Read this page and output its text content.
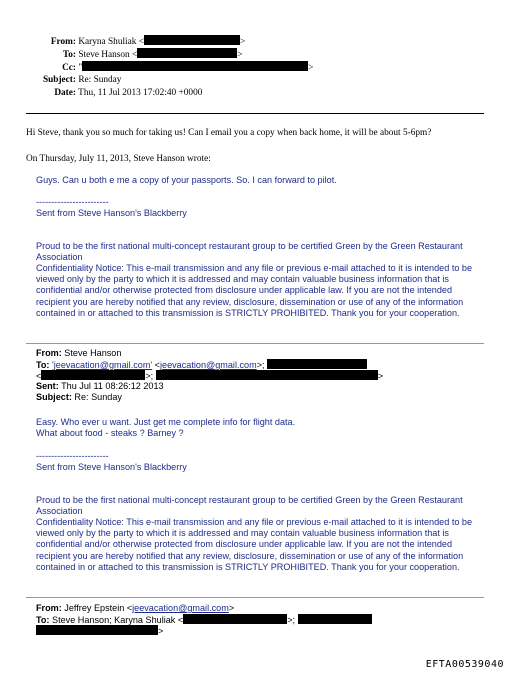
From: Karyna Shuliak <	>
To: Steve Hanson <	>
Cc: "	>
Subject: Re: Sunday
Date: Thu, 11 Jul 2013 17:02:40 +0000
Hi Steve, thank you so much for taking us! Can I email you a copy when back home, it will be about 5-6pm?
On Thursday, July 11, 2013, Steve Hanson wrote:
Guys. Can u both e me a copy of your passports. So. I can forward to pilot.
------------------------
Sent from Steve Hanson's Blackberry
Proud to be the first national multi-concept restaurant group to be certified Green by the Green Restaurant Association
Confidentiality Notice: This e-mail transmission and any file or previous e-mail attached to it is intended to be viewed only by the party to which it is addressed and may contain valuable business information that is confidential and/or otherwise protected from disclosure under applicable law. If you are not the intended recipient you are hereby notified that any review, disclosure, dissemination or use of any of the information contained in or attached to this transmission is STRICTLY PROHIBITED. Thank you for your cooperation.
From: Steve Hanson
To: 'jeevacation@gmail.com' <jeevacation@gmail.com>;
<	>;	>
Sent: Thu Jul 11 08:26:12 2013
Subject: Re: Sunday
Easy. Who ever u want. Just get me complete info for flight data.
What about food - steaks ? Barney ?
------------------------
Sent from Steve Hanson's Blackberry
Proud to be the first national multi-concept restaurant group to be certified Green by the Green Restaurant Association
Confidentiality Notice: This e-mail transmission and any file or previous e-mail attached to it is intended to be viewed only by the party to which it is addressed and may contain valuable business information that is confidential and/or otherwise protected from disclosure under applicable law. If you are not the intended recipient you are hereby notified that any review, disclosure, dissemination or use of any of the information contained in or attached to this transmission is STRICTLY PROHIBITED. Thank you for your cooperation.
From: Jeffrey Epstein <jeevacation@gmail.com>
To: Steve Hanson; Karyna Shuliak <	>;
>
EFTA00539040
